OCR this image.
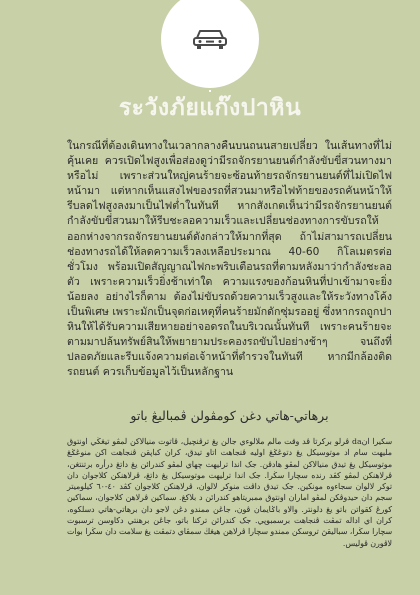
ระวังภัยแก๊งปาหิน

ในกรณีที่ต้องเดินทางในเวลากลางคืนบนถนนสายเปลี่ยว ในเส้นทางที่ไม่คุ้นเคย ควรเปิดไฟสูงเพื่อส่องดูว่ามีรถจักรยานยนต์กำลังขับขี่สวนทางมาหรือไม่ เพราะส่วนใหญ่คนร้ายจะซ้อนท้ายรถจักรยานยนต์ที่ไม่เปิดไฟหน้ามา แต่หากเห็นแสงไฟของรถที่สวนมาหรือไฟท้ายของรถคันหน้าให้รีบลดไฟสูงลงมาเป็นไฟต่ำในทันที หากสังเกตเห็นว่ามีรถจักรยานยนต์กำลังขับขี่สวนมาให้รีบชะลอความเร็วและเปลี่ยนช่องทางการขับรถให้ออกห่างจากรถจักรยานยนต์ดังกล่าวให้มากที่สุด ถ้าไม่สามารถเปลี่ยนช่องทางรถได้ให้ลดความเร็วลงเหลือประมาณ 40-60 กิโลเมตรต่อชั่วโมง พร้อมเปิดสัญญาณไฟกะพริบเตือนรถที่ตามหลังมาว่ากำลังชะลอตัว เพราะความเร็วยิ่งช้าเท่าใด ความแรงของก้อนหินที่ปาเข้ามาจะยิ่งน้อยลง อย่างไรก็ตาม ต้องไม่ขับรถด้วยความเร็วสูงและให้ระวังทางโค้งเป็นพิเศษ เพราะมักเป็นจุดก่อเหตุที่คนร้ายมักดักซุ่มรออยู่ ซึ่งหากรถถูกปาหินให้ได้รับความเสียหายอย่าจอดรถในบริเวณนั้นทันที เพราะคนร้ายจะตามมาปล้นทรัพย์สินให้พยายามประคองรถขับไปอย่างช้าๆ จนถึงที่ปลอดภัยและรีบแจ้งความต่อเจ้าหน้าที่ตำรวจในทันที หากมีกล้องติดรถยนต์ ควรเก็บข้อมูลไว้เป็นหลักฐาน

برهاتي-هاتي دغن کومڤولن ڤمباليڠ باتو

سکيرا انda ڤرلو برکرتا ڤد وقت مالم ملالوءي جالن يڠ ترڤنچيل، ڤاتوت منيالاکن لمڤو تيڠڬي اونتوق مليهت سام اد موتوسيکل يڠ دتوڠݢڠ اوليه ڤنجاهت اتاو تيدق، کران کباڽقن ڤنجاهت اکن منوڠݢڠ موتوسيکل يڠ تيدق منيالاکن لمڤو هادڤن. جک اندا ترليهت چهاي لمڤو کندرائن يڠ داتڠ درأره برتنتڠن، ڤرلاهنکن لمڤو کڤد رنده سچارا سڬرا. جک اندا ترليهت موتوسيکل يڠ داتڠ، ڤرلاهنکن کلاجوان دان توکر لالوان سجاءوه مونکين. جک تيدق داڤت منوکر لالوان، ڤرلاهنکن کلاجوان کڤد ٤٠-٦٠ کيلوميتر سجم دان حيدوڤکن لمڤو اماران اونتوق ممبريتاهو کندرائن د بلاکڠ. سماکين ڤرلاهن کلاجوان، سماکين کورڠ کقواتن باتو يڠ دلونتر. والاو باݢايمان ڤون، جاڠن ممندو دڠن لاجو دان برهاتي-هاتي دسلکوه، کران اي اداله تمڤت ڤنجاهت برسمبوڽي. جک کندرائن ترکنا باتو، جاڠن برهنتي دکاوسن ترسبوت سچارا سڬرا، سباليقڽ تروسکن ممندو سچارا ڤرلاهن هيڠڬ سمڤاي دتمڤت يڠ سلامت دان سڬرا بوات لاڤورن ڤوليس.
